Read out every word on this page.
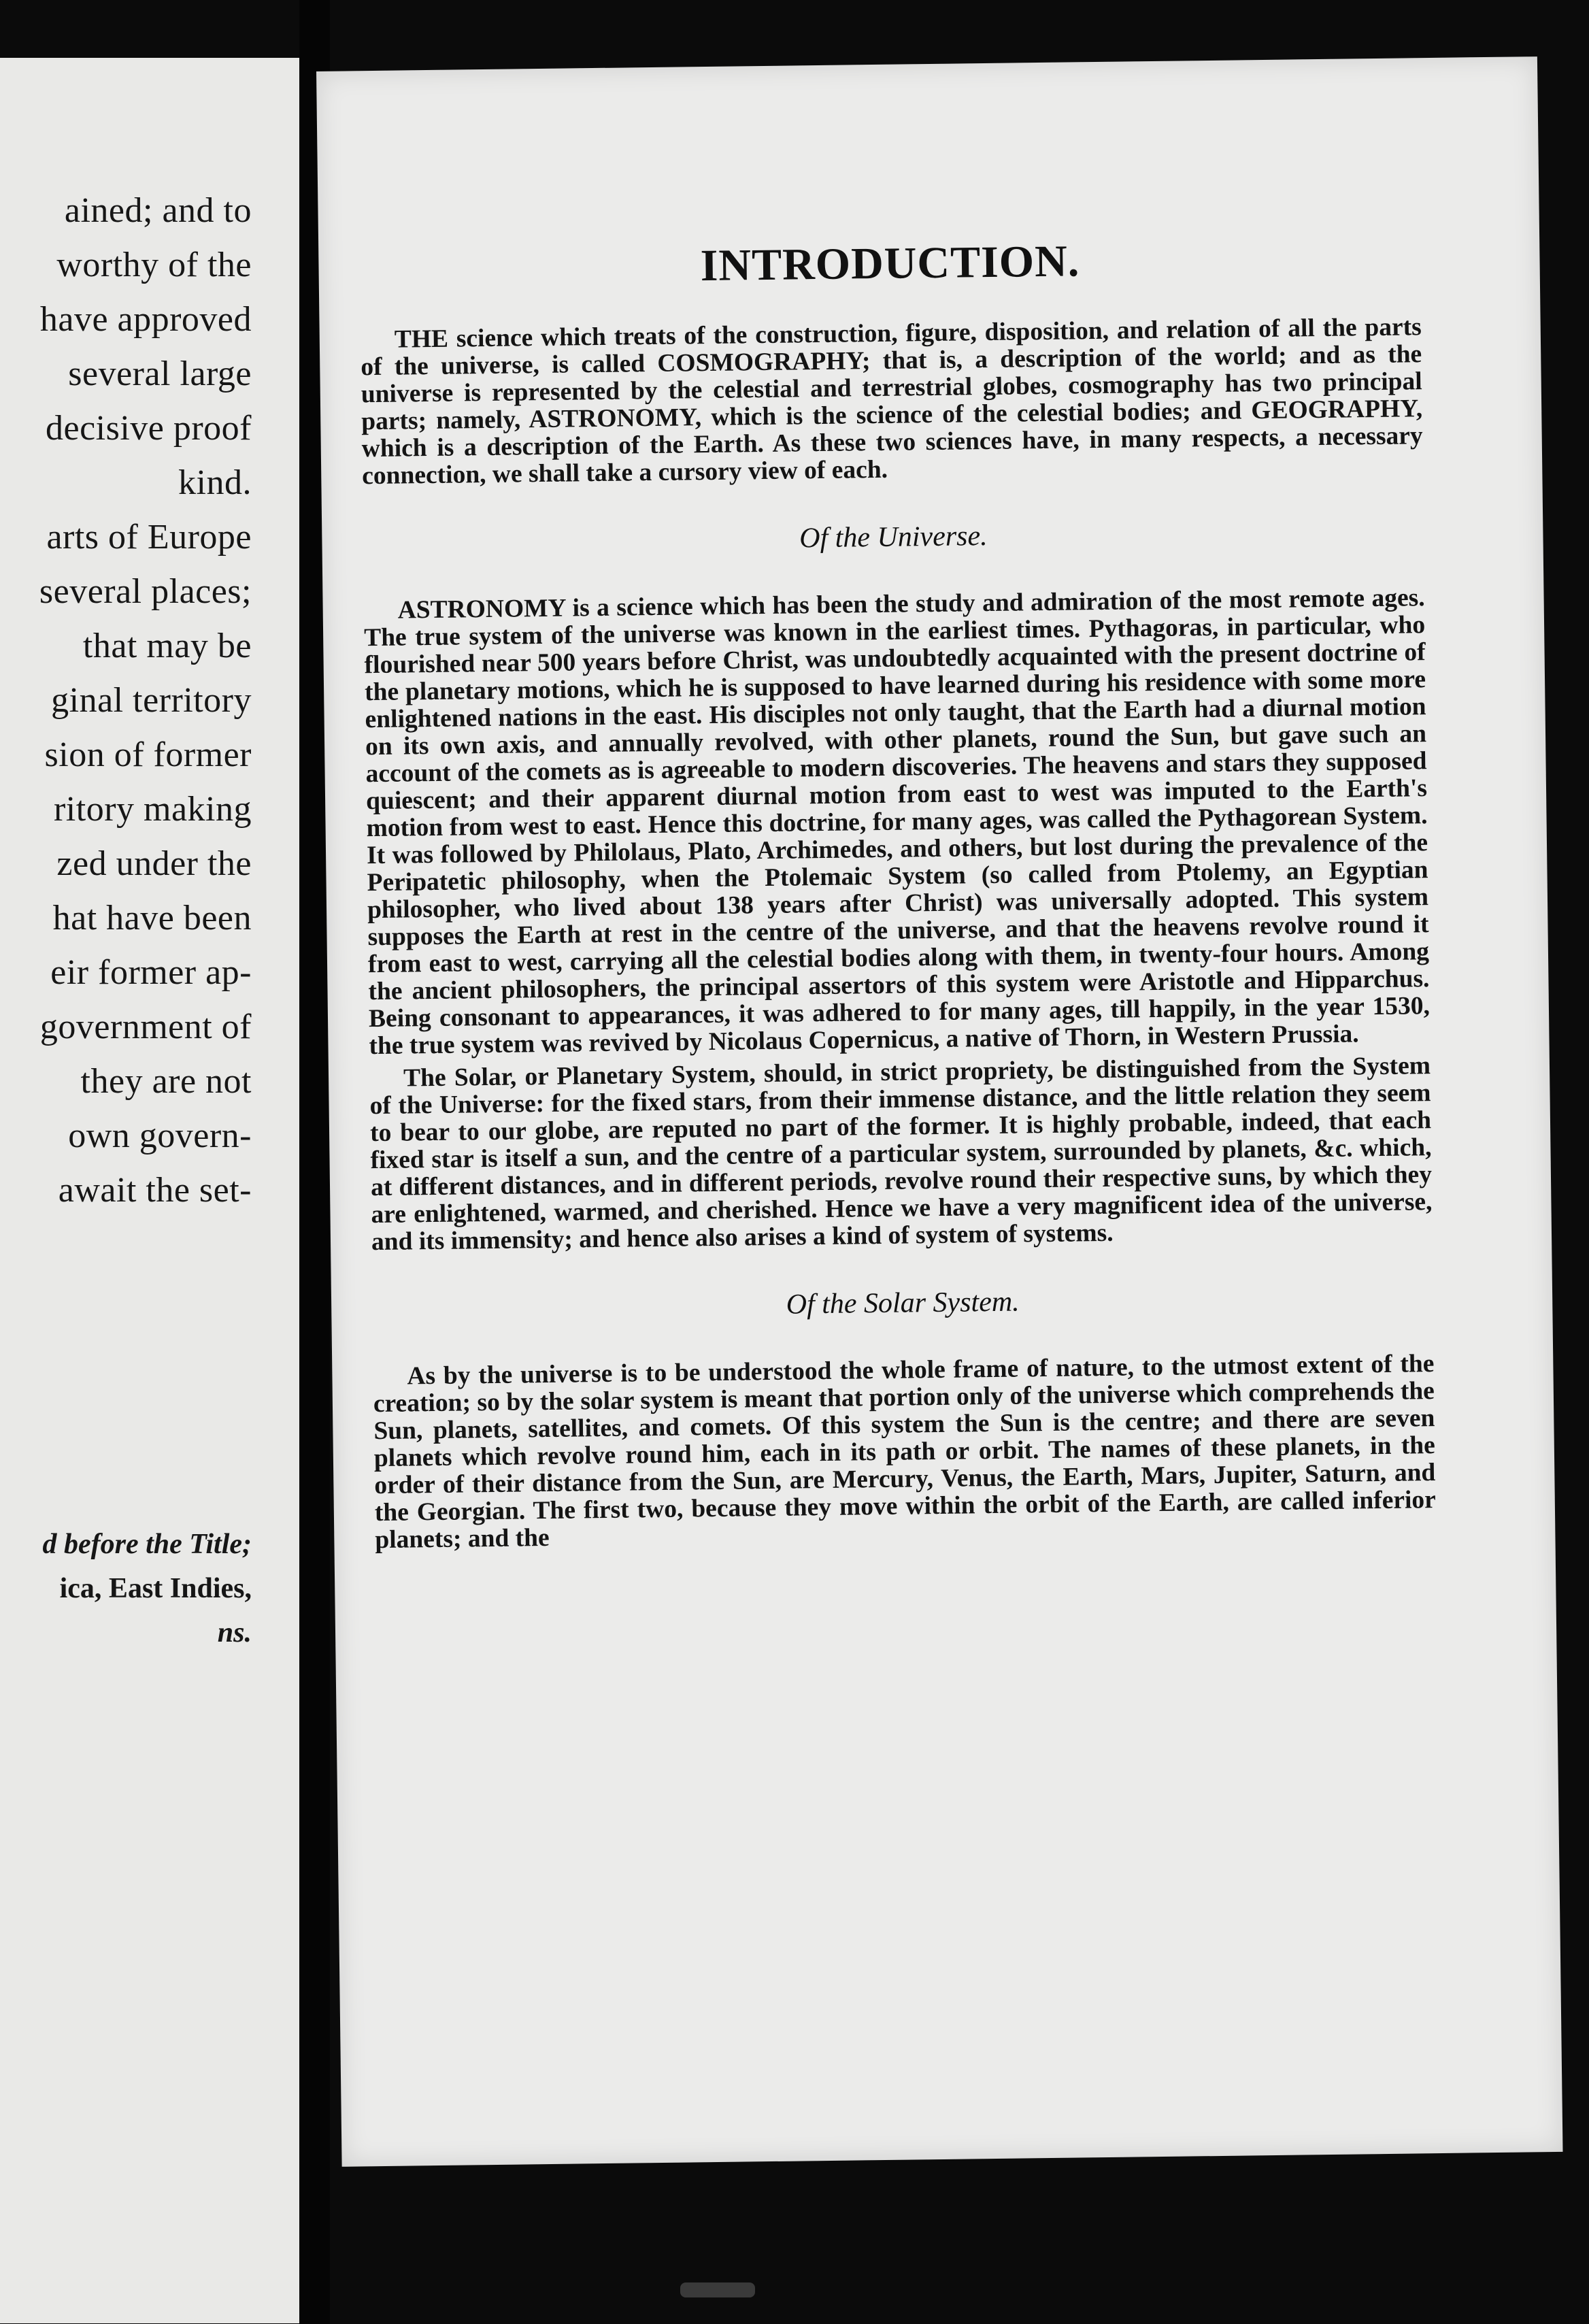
ained; and to
worthy of the
have approved
several large
decisive proof
kind.
arts of Europe
several places;
that may be
ginal territory
sion of former
ritory making
zed under the
hat have been
eir former ap-
government of
they are not
own govern-
await the set-
d before the Title;
ica, East Indies,
ns.
INTRODUCTION.

THE science which treats of the construction, figure, disposition, and relation of all the parts of the universe, is called COSMOGRAPHY; that is, a description of the world; and as the universe is represented by the celestial and terrestrial globes, cosmography has two principal parts; namely, ASTRONOMY, which is the science of the celestial bodies; and GEOGRAPHY, which is a description of the Earth. As these two sciences have, in many respects, a necessary connection, we shall take a cursory view of each.

Of the Universe.

ASTRONOMY is a science which has been the study and admiration of the most remote ages. The true system of the universe was known in the earliest times. Pythagoras, in particular, who flourished near 500 years before Christ, was undoubtedly acquainted with the present doctrine of the planetary motions, which he is supposed to have learned during his residence with some more enlightened nations in the east. His disciples not only taught, that the Earth had a diurnal motion on its own axis, and annually revolved, with other planets, round the Sun, but gave such an account of the comets as is agreeable to modern discoveries. The heavens and stars they supposed quiescent; and their apparent diurnal motion from east to west was imputed to the Earth's motion from west to east. Hence this doctrine, for many ages, was called the Pythagorean System. It was followed by Philolaus, Plato, Archimedes, and others, but lost during the prevalence of the Peripatetic philosophy, when the Ptolemaic System (so called from Ptolemy, an Egyptian philosopher, who lived about 138 years after Christ) was universally adopted. This system supposes the Earth at rest in the centre of the universe, and that the heavens revolve round it from east to west, carrying all the celestial bodies along with them, in twenty-four hours. Among the ancient philosophers, the principal assertors of this system were Aristotle and Hipparchus. Being consonant to appearances, it was adhered to for many ages, till happily, in the year 1530, the true system was revived by Nicolaus Copernicus, a native of Thorn, in Western Prussia.

The Solar, or Planetary System, should, in strict propriety, be distinguished from the System of the Universe: for the fixed stars, from their immense distance, and the little relation they seem to bear to our globe, are reputed no part of the former. It is highly probable, indeed, that each fixed star is itself a sun, and the centre of a particular system, surrounded by planets, &c. which, at different distances, and in different periods, revolve round their respective suns, by which they are enlightened, warmed, and cherished. Hence we have a very magnificent idea of the universe, and its immensity; and hence also arises a kind of system of systems.

Of the Solar System.

As by the universe is to be understood the whole frame of nature, to the utmost extent of the creation; so by the solar system is meant that portion only of the universe which comprehends the Sun, planets, satellites, and comets. Of this system the Sun is the centre; and there are seven planets which revolve round him, each in its path or orbit. The names of these planets, in the order of their distance from the Sun, are Mercury, Venus, the Earth, Mars, Jupiter, Saturn, and the Georgian. The first two, because they move within the orbit of the Earth, are called inferior planets; and the
